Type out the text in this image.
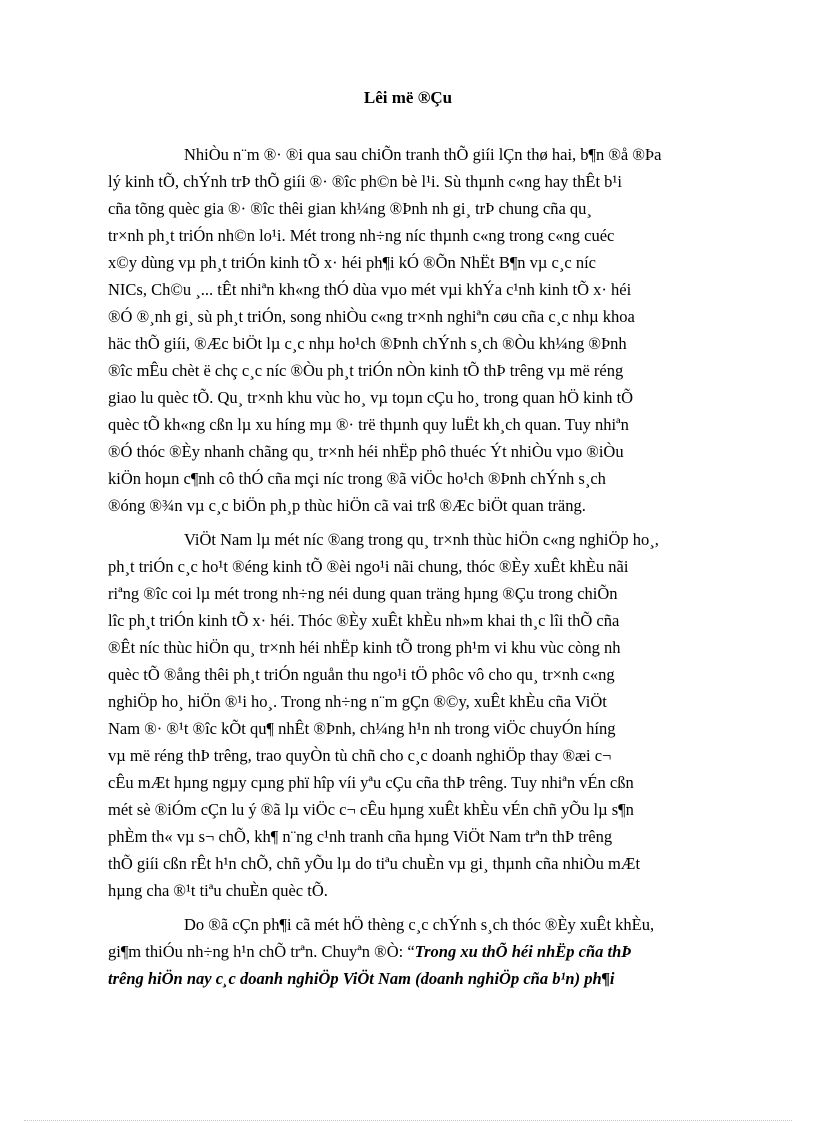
Lêi më ®Çu
NhiÒu n¨m ®· ®i qua sau chiÕn tranh thÕ giíi lÇn thø hai, b¶n ®å ®Þa
lý kinh tÕ, chÝnh trÞ thÕ giíi ®· ®îc ph©n bè l¹i. Sù thµnh c«ng hay thÊt b¹i
cña tõng quèc gia ®· ®îc thêi gian kh¼ng ®Þnh nh gi¸ trÞ chung cña qu¸
tr×nh ph¸t triÓn nh©n lo¹i. Mét trong nh÷ng níc thµnh c«ng trong c«ng cuéc
x©y dùng vµ ph¸t triÓn kinh tÕ x· héi ph¶i kÓ ®Õn NhËt B¶n vµ c¸c níc
NICs, Ch©u ¸... tÊt nhiªn kh«ng thÓ dùa vµo mét vµi khÝa c¹nh kinh tÕ x· héi
®Ó ®¸nh gi¸ sù ph¸t triÓn, song nhiÒu c«ng tr×nh nghiªn cøu cña c¸c nhµ khoa
häc thÕ giíi, ®Æc biÖt lµ c¸c nhµ ho¹ch ®Þnh chÝnh s¸ch ®Òu kh¼ng ®Þnh
®îc mÊu chèt ë chç c¸c níc ®Òu ph¸t triÓn nÒn kinh tÕ thÞ trêng vµ më réng
giao lu quèc tÕ. Qu¸ tr×nh khu vùc ho¸ vµ toµn cÇu ho¸ trong quan hÖ kinh tÕ
quèc tÕ kh«ng cßn lµ xu híng mµ ®· trë thµnh quy luËt kh¸ch quan. Tuy nhiªn
®Ó thóc ®Èy nhanh chãng qu¸ tr×nh héi nhËp phô thuéc Ýt nhiÒu vµo ®iÒu
kiÖn hoµn c¶nh cô thÓ cña mçi níc trong ®ã viÖc ho¹ch ®Þnh chÝnh s¸ch
®óng ®¾n vµ c¸c biÖn ph¸p thùc hiÖn cã vai trß ®Æc biÖt quan träng.
ViÖt Nam lµ mét níc ®ang trong qu¸ tr×nh thùc hiÖn c«ng nghiÖp ho¸,
ph¸t triÓn c¸c ho¹t ®éng kinh tÕ ®èi ngo¹i nãi chung, thóc ®Èy xuÊt khÈu nãi
riªng ®îc coi lµ mét trong nh÷ng néi dung quan träng hµng ®Çu trong chiÕn
lîc ph¸t triÓn kinh tÕ x· héi. Thóc ®Èy xuÊt khÈu nh»m khai th¸c lîi thÕ cña
®Êt níc thùc hiÖn qu¸ tr×nh héi nhËp kinh tÕ trong ph¹m vi khu vùc còng nh
quèc tÕ ®ång thêi ph¸t triÓn nguån thu ngo¹i tÖ phôc vô cho qu¸ tr×nh c«ng
nghiÖp ho¸ hiÖn ®¹i ho¸. Trong nh÷ng n¨m gÇn ®©y, xuÊt khÈu cña ViÖt
Nam ®· ®¹t ®îc kÕt qu¶ nhÊt ®Þnh, ch¼ng h¹n nh trong viÖc chuyÓn híng
vµ më réng thÞ trêng, trao quyÒn tù chñ cho c¸c doanh nghiÖp thay ®æi c¬
cÊu mÆt hµng ngµy cµng phï hîp víi yªu cÇu cña thÞ trêng. Tuy nhiªn vÉn cßn
mét sè ®iÓm cÇn lu ý ®ã lµ viÖc c¬ cÊu hµng xuÊt khÈu vÉn chñ yÕu lµ s¶n
phÈm th« vµ s¬ chÕ, kh¶ n¨ng c¹nh tranh cña hµng ViÖt Nam trªn thÞ trêng
thÕ giíi cßn rÊt h¹n chÕ, chñ yÕu lµ do tiªu chuÈn vµ gi¸ thµnh cña nhiÒu mÆt
hµng cha ®¹t tiªu chuÈn quèc tÕ.
Do ®ã cÇn ph¶i cã mét hÖ thèng c¸c chÝnh s¸ch thóc ®Èy xuÊt khÈu,
gi¶m thiÓu nh÷ng h¹n chÕ trªn. Chuyªn ®Ò: “Trong xu thÕ héi nhËp cña thÞ
trêng hiÖn nay c¸c doanh nghiÖp ViÖt Nam (doanh nghiÖp cña b¹n) ph¶i
